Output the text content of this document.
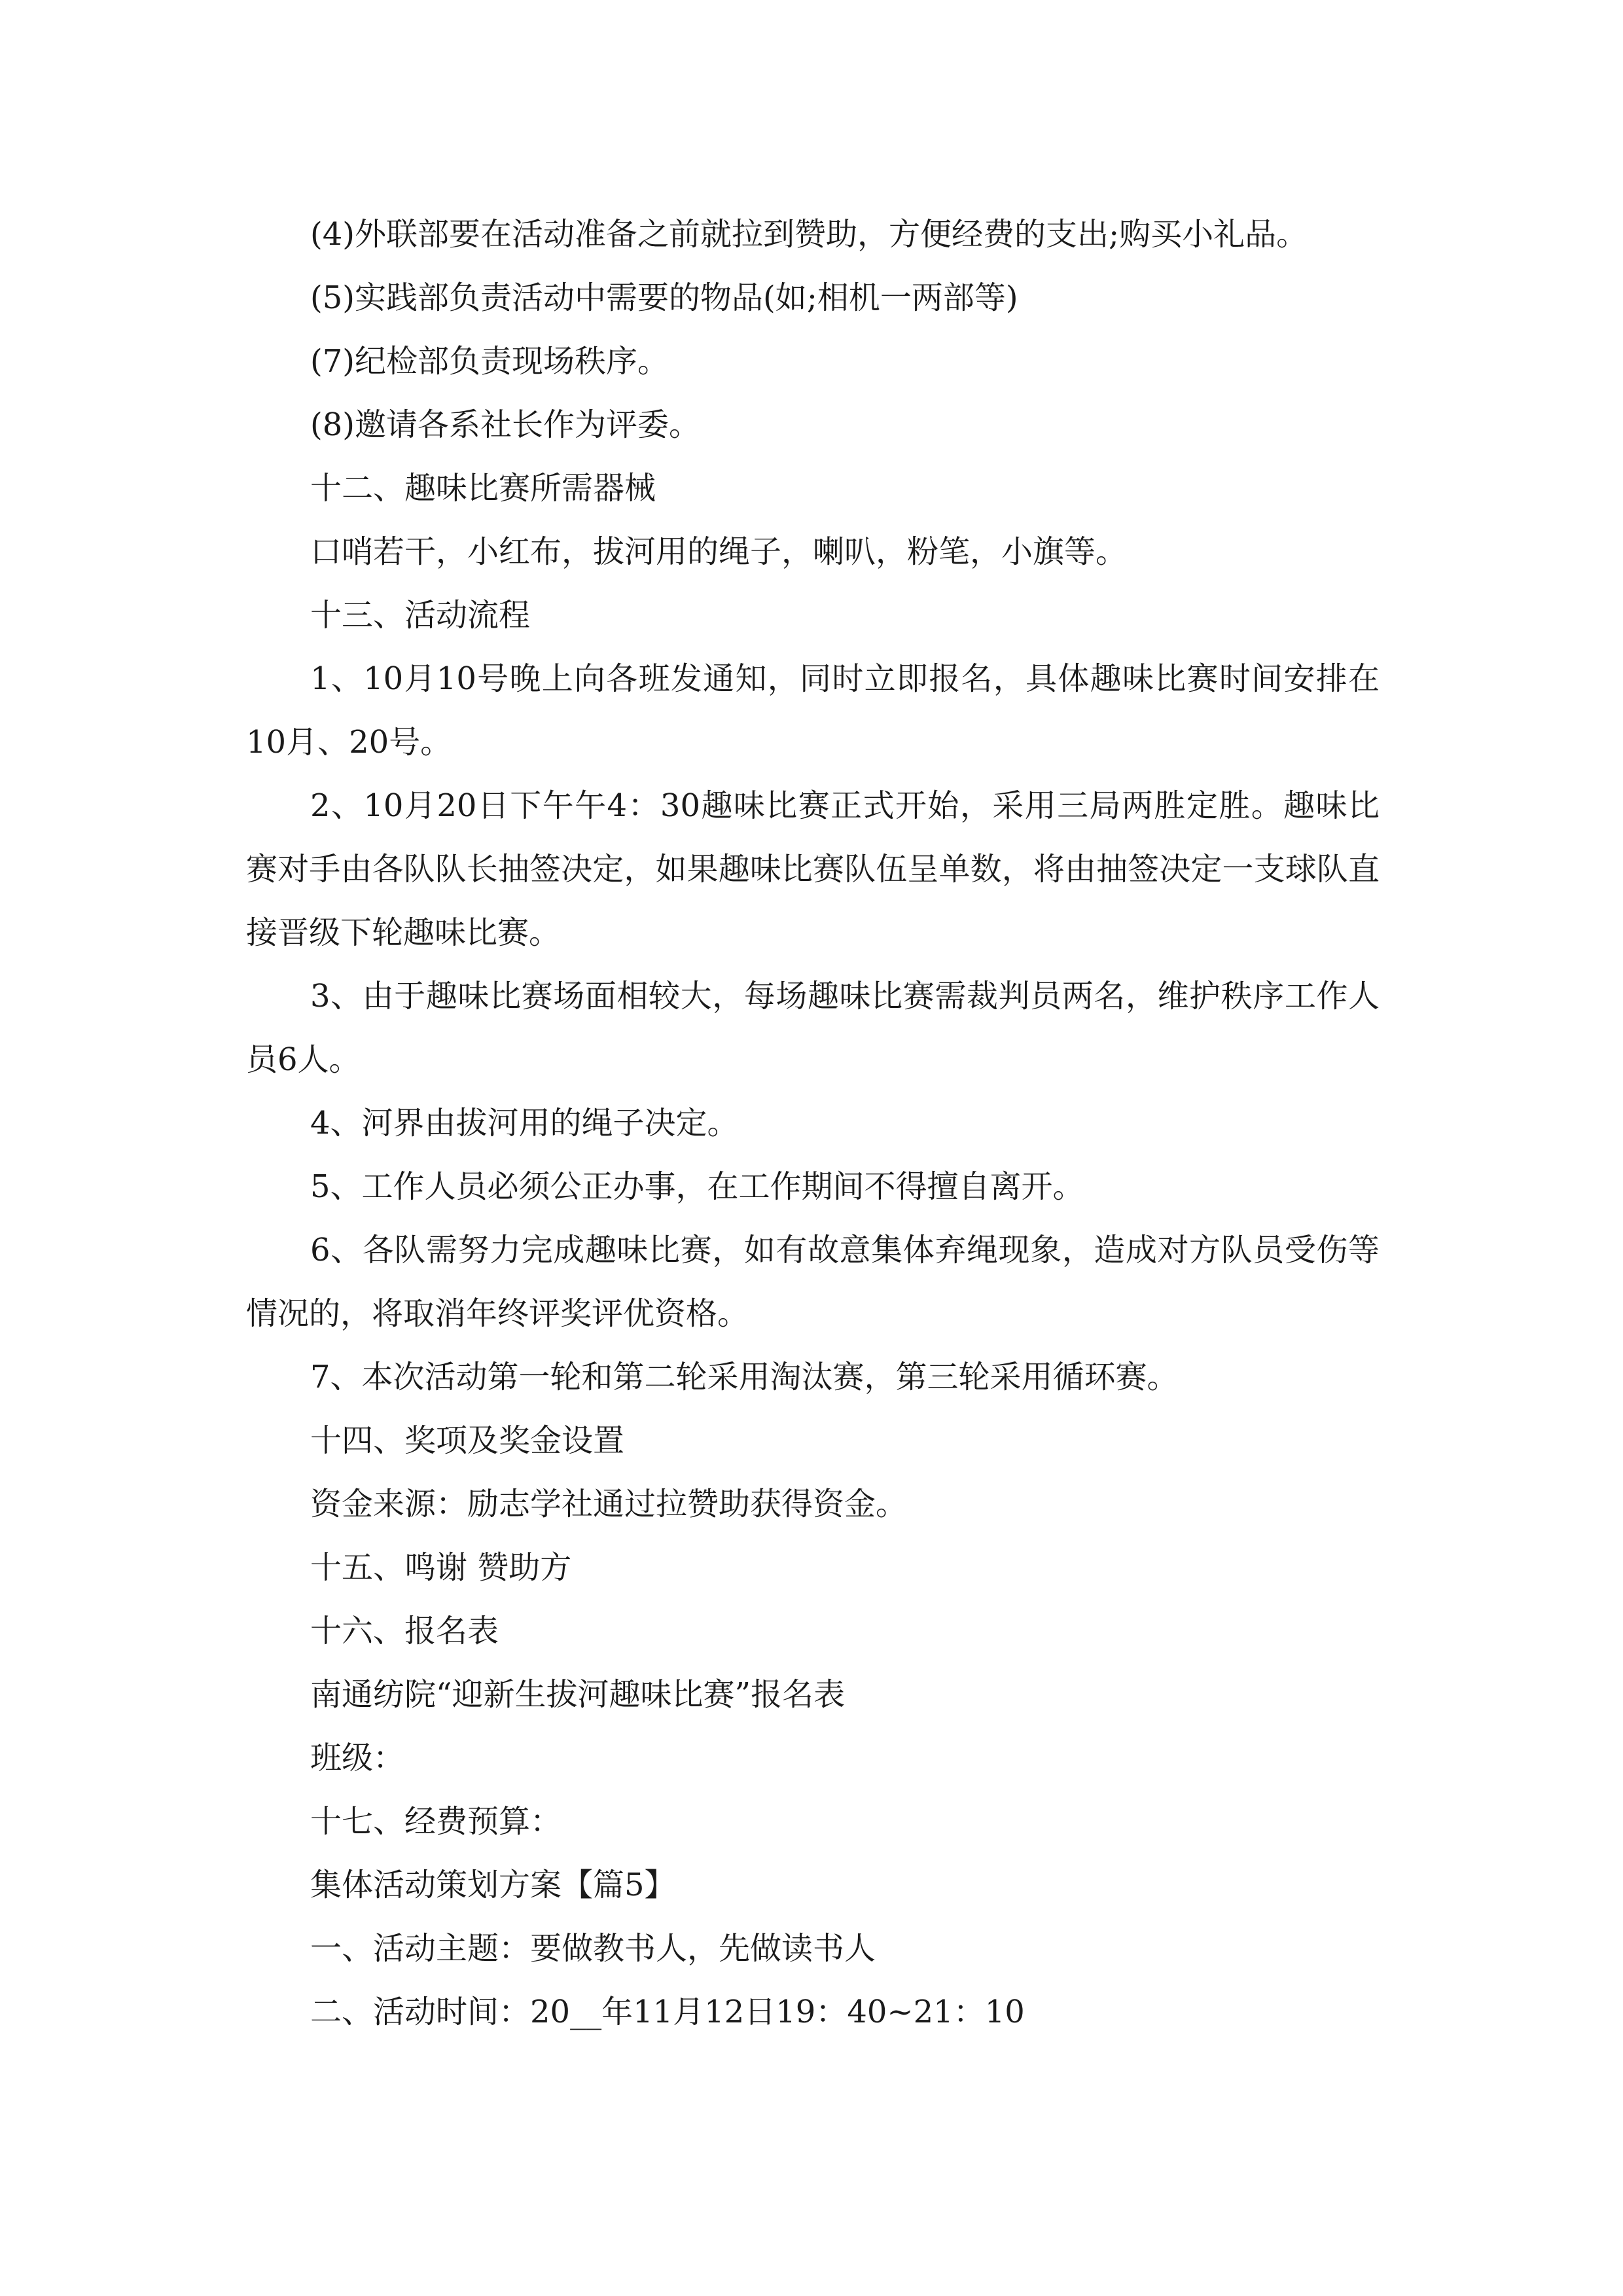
(4)外联部要在活动准备之前就拉到赞助，方便经费的支出;购买小礼品。
(5)实践部负责活动中需要的物品(如;相机一两部等)
(7)纪检部负责现场秩序。
(8)邀请各系社长作为评委。
十二、趣味比赛所需器械
口哨若干，小红布，拔河用的绳子，喇叭，粉笔，小旗等。
十三、活动流程
1、10月10号晚上向各班发通知，同时立即报名，具体趣味比赛时间安排在10月、20号。
2、10月20日下午午4：30趣味比赛正式开始，采用三局两胜定胜。趣味比赛对手由各队队长抽签决定，如果趣味比赛队伍呈单数，将由抽签决定一支球队直接晋级下轮趣味比赛。
3、由于趣味比赛场面相较大，每场趣味比赛需裁判员两名，维护秩序工作人员6人。
4、河界由拔河用的绳子决定。
5、工作人员必须公正办事，在工作期间不得擅自离开。
6、各队需努力完成趣味比赛，如有故意集体弃绳现象，造成对方队员受伤等情况的，将取消年终评奖评优资格。
7、本次活动第一轮和第二轮采用淘汰赛，第三轮采用循环赛。
十四、奖项及奖金设置
资金来源：励志学社通过拉赞助获得资金。
十五、鸣谢 赞助方
十六、报名表
南通纺院“迎新生拔河趣味比赛”报名表
班级：
十七、经费预算：
集体活动策划方案【篇5】
一、活动主题：要做教书人，先做读书人
二、活动时间：20__年11月12日19：40~21：10
